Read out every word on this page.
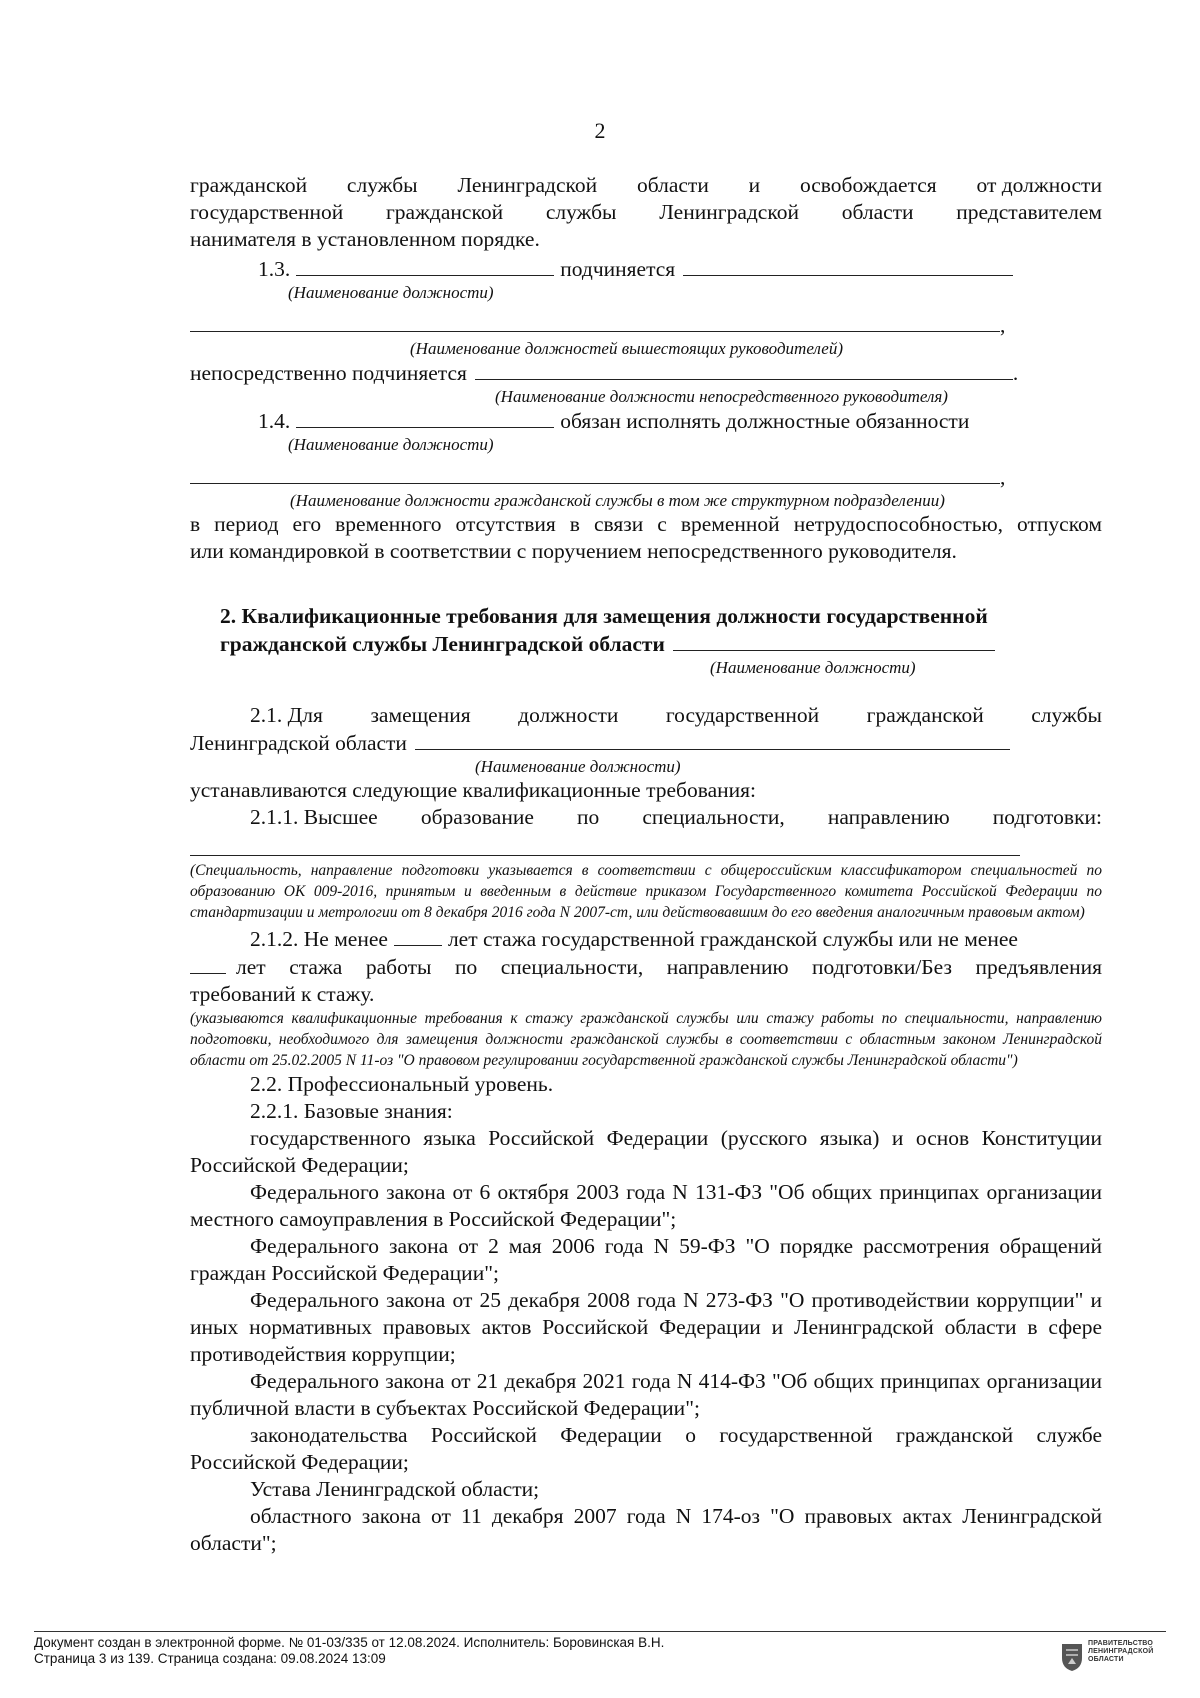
2
гражданской службы Ленинградской области и освобождается от должности
государственной гражданской службы Ленинградской области представителем
нанимателя в установленном порядке.
1.3.	подчиняется
(Наименование должности)
,
(Наименование должностей вышестоящих руководителей)
непосредственно подчиняется	.
(Наименование должности непосредственного руководителя)
1.4.	обязан исполнять должностные обязанности
(Наименование должности)
,
(Наименование должности гражданской службы в том же структурном подразделении)
в период его временного отсутствия в связи с временной нетрудоспособностью, отпуском
или командировкой в соответствии с поручением непосредственного руководителя.
2. Квалификационные требования для замещения должности государственной
гражданской службы Ленинградской области
(Наименование должности)
2.1. Для замещения должности государственной гражданской службы
Ленинградской области
(Наименование должности)
устанавливаются следующие квалификационные требования:
2.1.1. Высшее образование по специальности, направлению подготовки:
(Специальность, направление подготовки указывается в соответствии с общероссийским классификатором специальностей по образованию ОК 009-2016, принятым и введенным в действие приказом Государственного комитета Российской Федерации по стандартизации и метрологии от 8 декабря 2016 года N 2007-ст, или действовавшим до его введения аналогичным правовым актом)
2.1.2. Не менее	лет стажа государственной гражданской службы или не менее
лет стажа работы по специальности, направлению подготовки/Без предъявления
требований к стажу.
(указываются квалификационные требования к стажу гражданской службы или стажу работы по специальности, направлению подготовки, необходимого для замещения должности гражданской службы в соответствии с областным законом Ленинградской области от 25.02.2005 N 11-оз "О правовом регулировании государственной гражданской службы Ленинградской области")
2.2. Профессиональный уровень.
2.2.1. Базовые знания:
государственного языка Российской Федерации (русского языка) и основ Конституции Российской Федерации;
Федерального закона от 6 октября 2003 года N 131-ФЗ "Об общих принципах организации местного самоуправления в Российской Федерации";
Федерального закона от 2 мая 2006 года N 59-ФЗ "О порядке рассмотрения обращений граждан Российской Федерации";
Федерального закона от 25 декабря 2008 года N 273-ФЗ "О противодействии коррупции" и иных нормативных правовых актов Российской Федерации и Ленинградской области в сфере противодействия коррупции;
Федерального закона от 21 декабря 2021 года N 414-ФЗ "Об общих принципах организации публичной власти в субъектах Российской Федерации";
законодательства Российской Федерации о государственной гражданской службе Российской Федерации;
Устава Ленинградской области;
областного закона от 11 декабря 2007 года N 174-оз "О правовых актах Ленинградской области";
Документ создан в электронной форме. № 01-03/335 от 12.08.2024. Исполнитель: Боровинская В.Н.
Страница 3 из 139. Страница создана: 09.08.2024 13:09
ПРАВИТЕЛЬСТВО
ЛЕНИНГРАДСКОЙ
ОБЛАСТИ
